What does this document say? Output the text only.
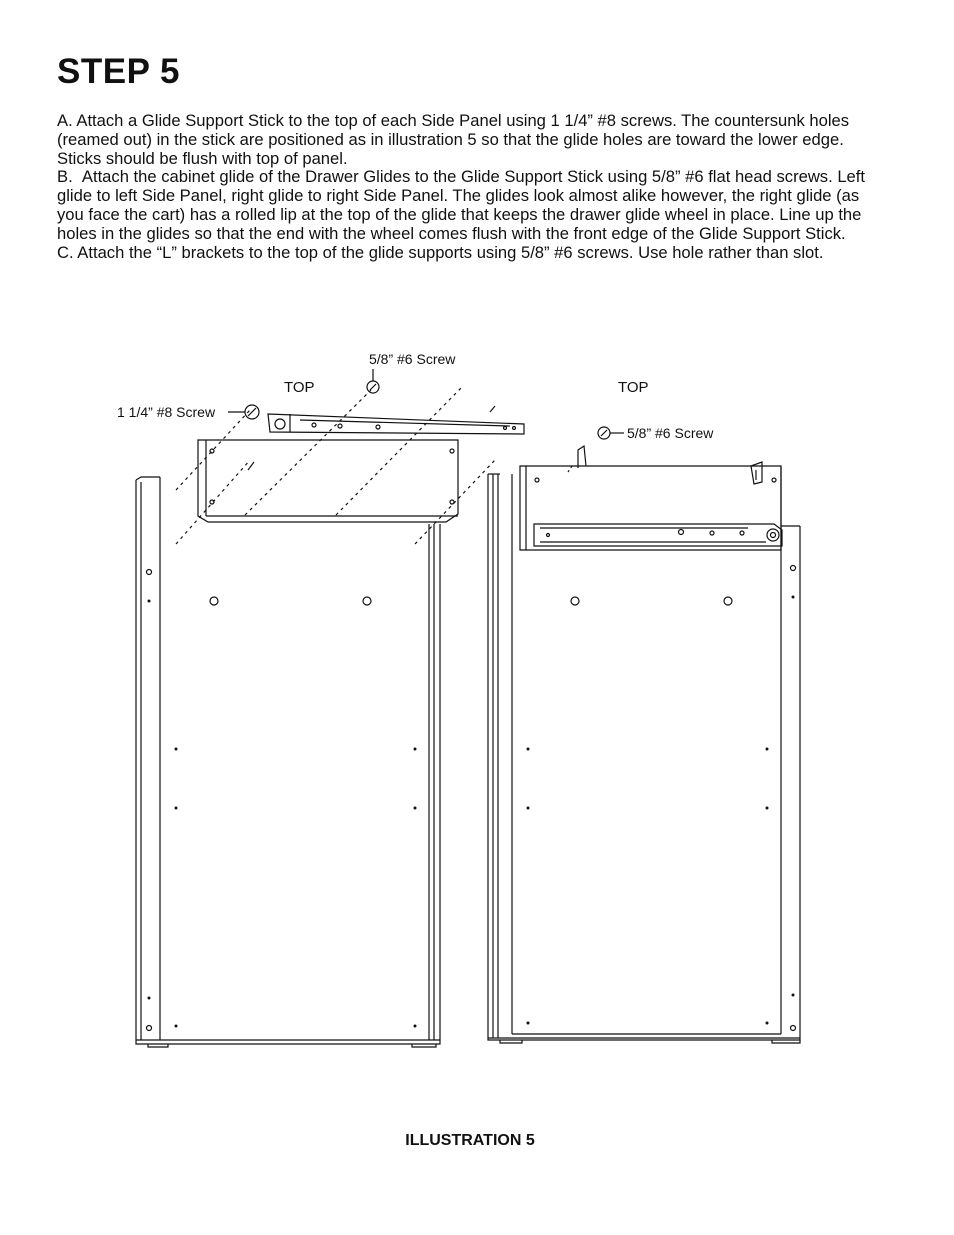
STEP 5

A. Attach a Glide Support Stick to the top of each Side Panel using 1 1/4” #8 screws. The countersunk holes (reamed out) in the stick are positioned as in illustration 5 so that the glide holes are toward the lower edge. Sticks should be flush with top of panel.

B.  Attach the cabinet glide of the Drawer Glides to the Glide Support Stick using 5/8” #6 flat head screws. Left glide to left Side Panel, right glide to right Side Panel. The glides look almost alike however, the right glide (as you face the cart) has a rolled lip at the top of the glide that keeps the drawer glide wheel in place. Line up the holes in the glides so that the end with the wheel comes flush with the front edge of the Glide Support Stick.

C. Attach the “L” brackets to the top of the glide supports using 5/8” #6 screws. Use hole rather than slot.

5/8” #6 Screw
TOP
1 1/4” #8 Screw
TOP
5/8” #6 Screw

ILLUSTRATION 5
